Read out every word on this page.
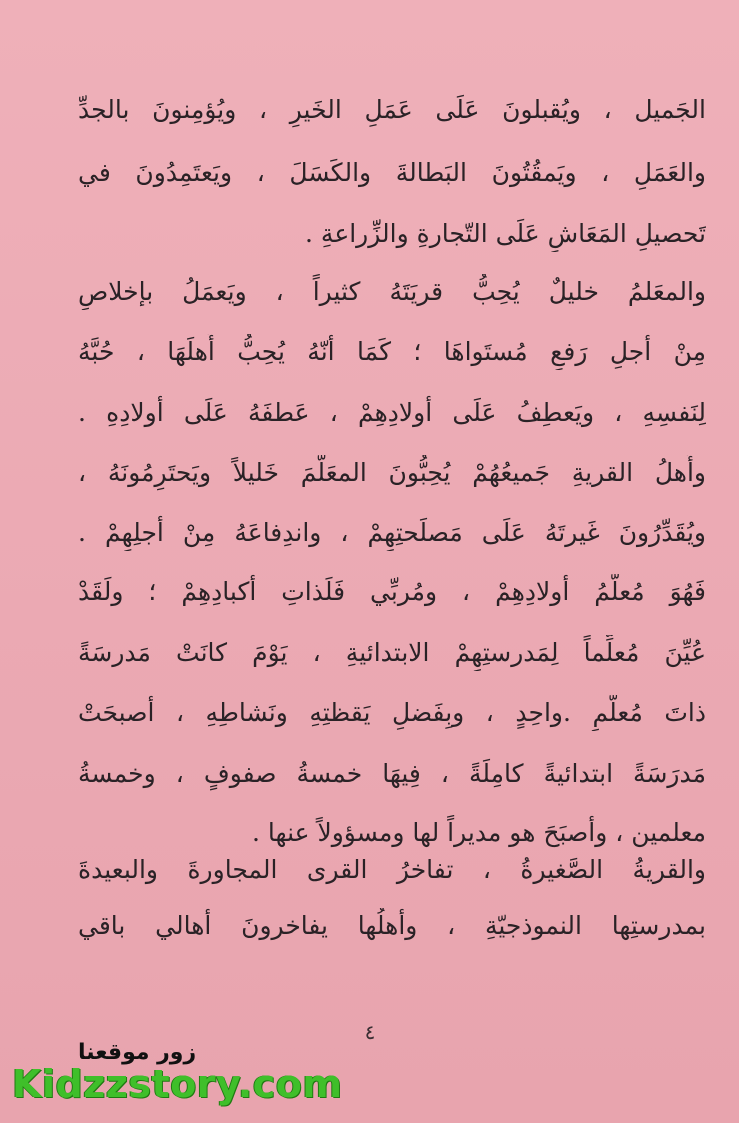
الجَميل ، ويُقبلونَ عَلَى عَمَلِ الخَيرِ ، ويُؤمِنونَ بالجدِّ
والعَمَلِ ، ويَمقُتُونَ البَطالةَ والكَسَلَ ، ويَعتَمِدُونَ في
تَحصيلِ المَعَاشِ عَلَى التّجارةِ والزِّراعةِ .
والمعَلمُ خليلٌ يُحِبُّ قريَتَهُ كثيراً ، ويَعمَلُ بإخلاصٍ
مِنْ أجلِ رَفعِ مُستَواهَا ؛ كَمَا أنّهُ يُحِبُّ أَهلَهَا ، حُبَّهُ
لِنَفسِهِ ، ويَعطِفُ عَلَى أولادِهِمْ ، عَطفَهُ عَلَى أولادِهِ .
وأَهلُ القريةِ جَميعُهُمْ يُحِبُّونَ المعَلّمَ خَليلاً ويَحتَرِمُونَهُ ،
ويُقَدِّرُونَ غَيرتَهُ عَلَى مَصلَحتِهِمْ ، واندِفاعَهُ مِنْ أجلِهِمْ .
فَهُوَ مُعلّمُ أولادِهِمْ ، ومُربِّي فَلَذاتِ أكبادِهِمْ ؛ ولَقَدْ
عُيِّنَ مُعلِّماً لِمَدرستِهِمْ الابتدائيةِ ، يَوْمَ كانَتْ مَدرسَةً
ذاتَ مُعلّمٍ .واحِدٍ ، وبِفَضلِ يَقظتِهِ ونَشاطِهِ ، أصبحَتْ
مَدرَسَةً ابتدائيةً كامِلَةً ، فِيهَا خمسةُ صفوفٍ ، وخمسةُ
معلمين ، وأصبَحَ هو مديراً لها ومسؤولاً عنها .
والقريةُ الصَّغيرةُ ، تفاخرُ القرى المجاورةَ والبعيدةَ
بمدرستِها النموذجيّةِ ، وأهلُها يفاخرونَ أهالي باقي
٤
زور موقعنا
Kidzzstory.com
